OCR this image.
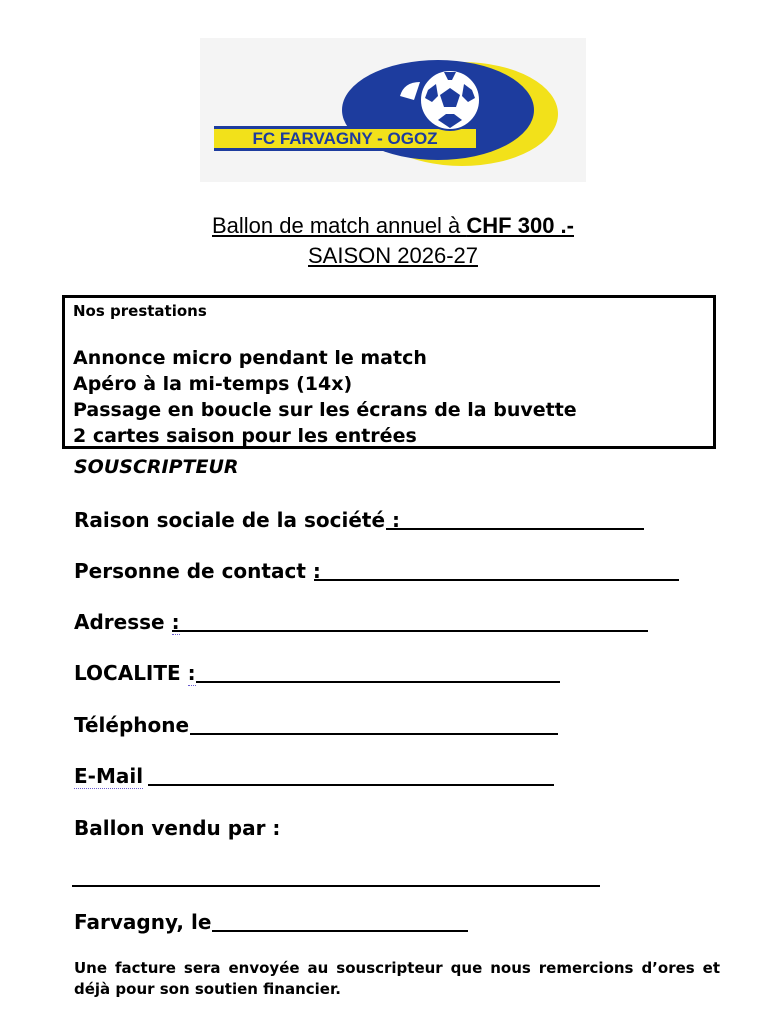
FC FARVAGNY - OGOZ
Ballon de match annuel à CHF 300 .-
SAISON 2026-27
Nos prestations
Annonce micro pendant le match
Apéro à la mi-temps (14x)
Passage en boucle sur les écrans de la buvette
2 cartes saison pour les entrées
SOUSCRIPTEUR
Raison sociale de la société :
Personne de contact :
Adresse :
LOCALITE :
Téléphone
E-Mail
Ballon vendu par :
Farvagny, le
Une facture sera envoyée au souscripteur que nous remercions d’ores et déjà pour son soutien financier.
